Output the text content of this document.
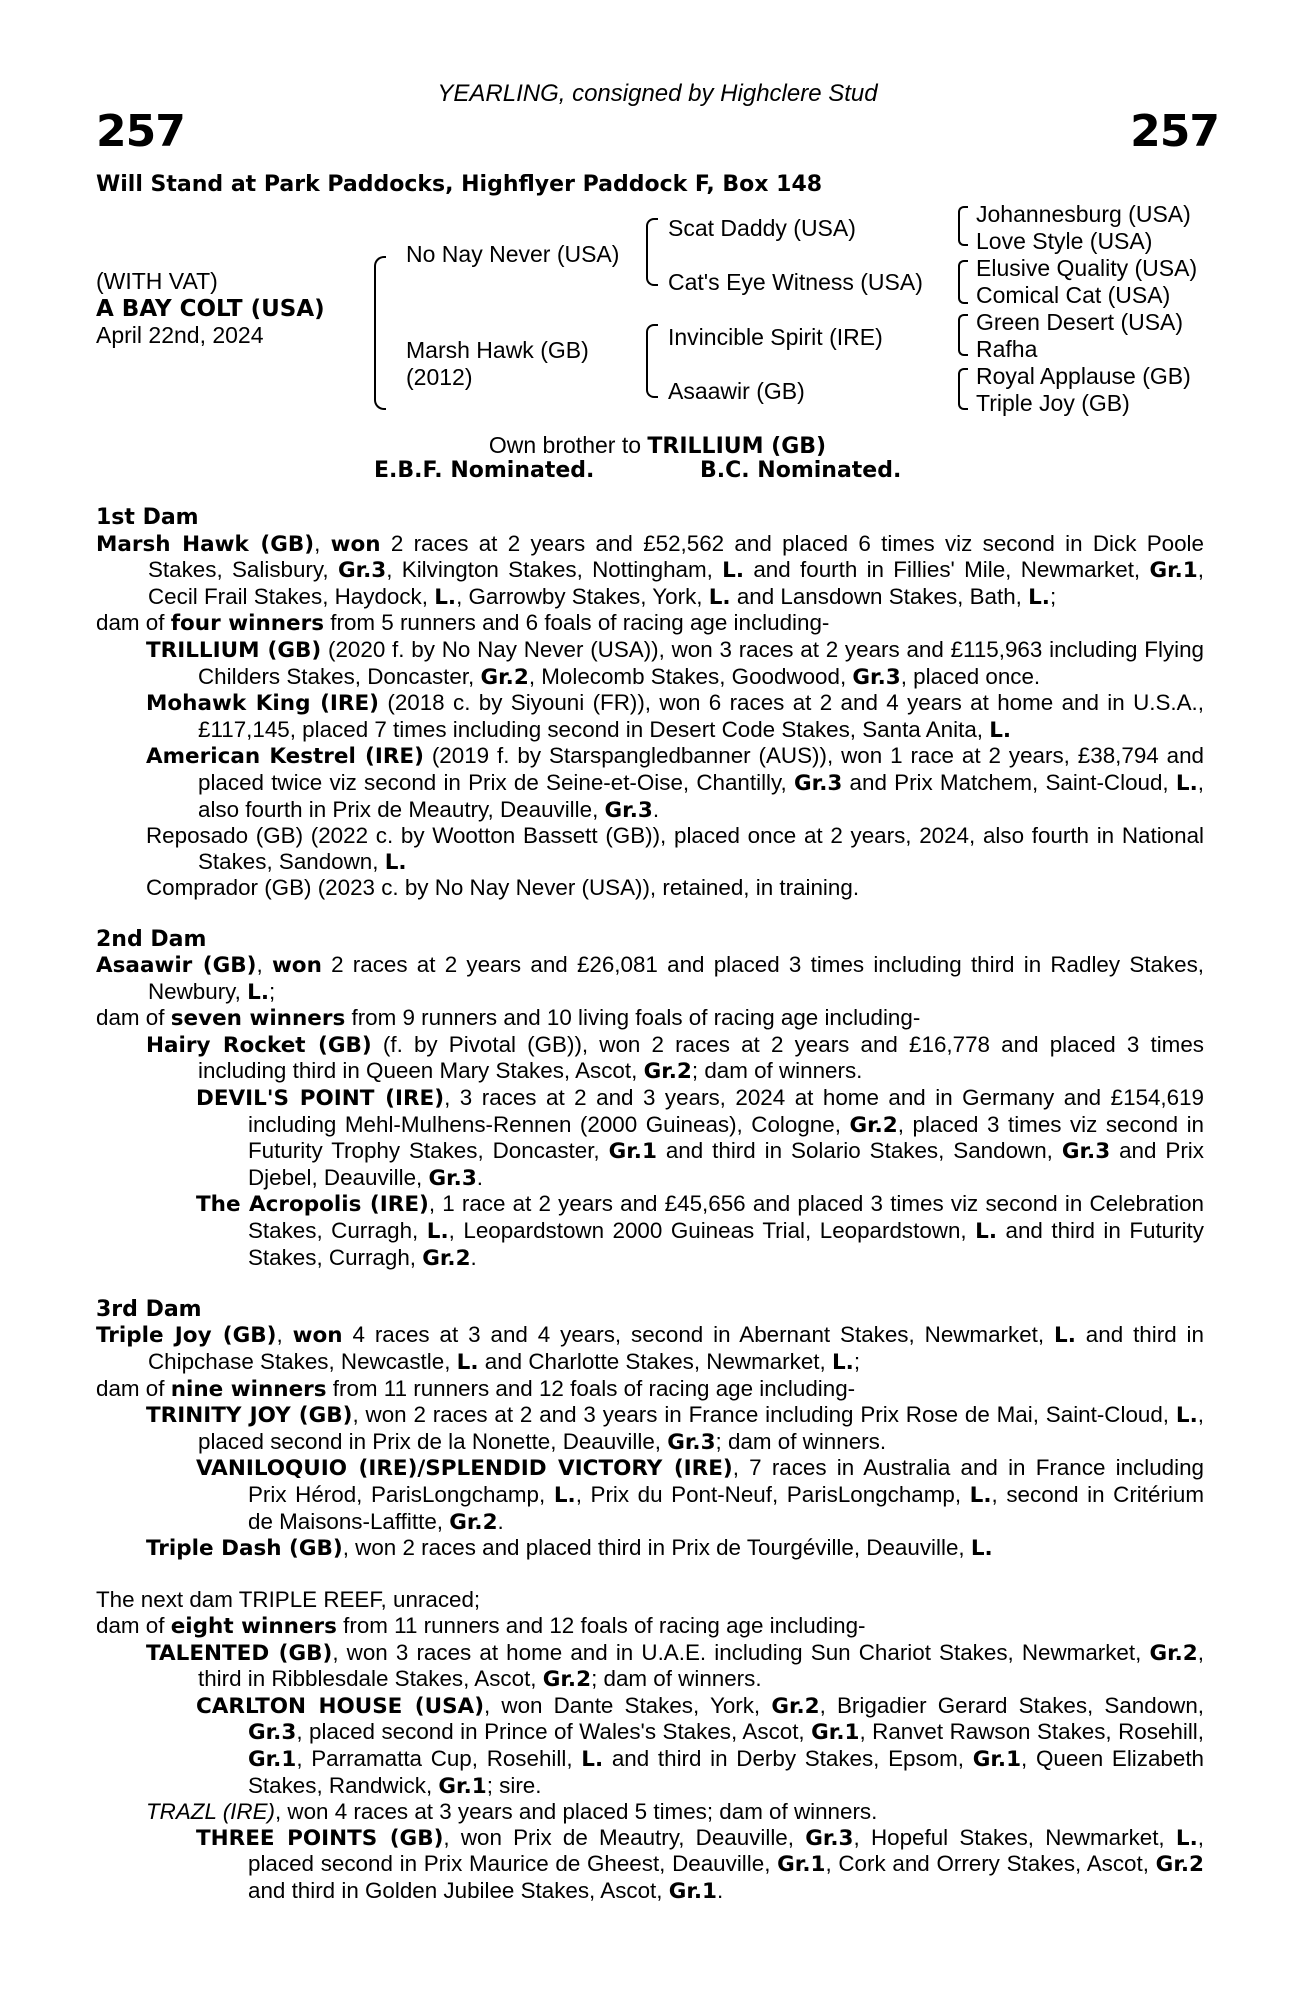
YEARLING, consigned by Highclere Stud
257	257
Will Stand at Park Paddocks, Highflyer Paddock F, Box 148
(WITH VAT)
A BAY COLT (USA)
April 22nd, 2024
No Nay Never (USA)
Marsh Hawk (GB)
(2012)
Scat Daddy (USA)
Cat's Eye Witness (USA)
Invincible Spirit (IRE)
Asaawir (GB)
Johannesburg (USA)
Love Style (USA)
Elusive Quality (USA)
Comical Cat (USA)
Green Desert (USA)
Rafha
Royal Applause (GB)
Triple Joy (GB)
Own brother to TRILLIUM (GB)
E.B.F. Nominated.	B.C. Nominated.

1st Dam

Marsh Hawk (GB), won 2 races at 2 years and £52,562 and placed 6 times viz second in Dick Poole Stakes, Salisbury, Gr.3, Kilvington Stakes, Nottingham, L. and fourth in Fillies' Mile, Newmarket, Gr.1, Cecil Frail Stakes, Haydock, L., Garrowby Stakes, York, L. and Lansdown Stakes, Bath, L.;

dam of four winners from 5 runners and 6 foals of racing age including-

TRILLIUM (GB) (2020 f. by No Nay Never (USA)), won 3 races at 2 years and £115,963 including Flying Childers Stakes, Doncaster, Gr.2, Molecomb Stakes, Goodwood, Gr.3, placed once.

Mohawk King (IRE) (2018 c. by Siyouni (FR)), won 6 races at 2 and 4 years at home and in U.S.A., £117,145, placed 7 times including second in Desert Code Stakes, Santa Anita, L.

American Kestrel (IRE) (2019 f. by Starspangledbanner (AUS)), won 1 race at 2 years, £38,794 and placed twice viz second in Prix de Seine-et-Oise, Chantilly, Gr.3 and Prix Matchem, Saint-Cloud, L., also fourth in Prix de Meautry, Deauville, Gr.3.

Reposado (GB) (2022 c. by Wootton Bassett (GB)), placed once at 2 years, 2024, also fourth in National Stakes, Sandown, L.

Comprador (GB) (2023 c. by No Nay Never (USA)), retained, in training.

2nd Dam

Asaawir (GB), won 2 races at 2 years and £26,081 and placed 3 times including third in Radley Stakes, Newbury, L.;

dam of seven winners from 9 runners and 10 living foals of racing age including-

Hairy Rocket (GB) (f. by Pivotal (GB)), won 2 races at 2 years and £16,778 and placed 3 times including third in Queen Mary Stakes, Ascot, Gr.2; dam of winners.

DEVIL'S POINT (IRE), 3 races at 2 and 3 years, 2024 at home and in Germany and £154,619 including Mehl-Mulhens-Rennen (2000 Guineas), Cologne, Gr.2, placed 3 times viz second in Futurity Trophy Stakes, Doncaster, Gr.1 and third in Solario Stakes, Sandown, Gr.3 and Prix Djebel, Deauville, Gr.3.

The Acropolis (IRE), 1 race at 2 years and £45,656 and placed 3 times viz second in Celebration Stakes, Curragh, L., Leopardstown 2000 Guineas Trial, Leopardstown, L. and third in Futurity Stakes, Curragh, Gr.2.

3rd Dam

Triple Joy (GB), won 4 races at 3 and 4 years, second in Abernant Stakes, Newmarket, L. and third in Chipchase Stakes, Newcastle, L. and Charlotte Stakes, Newmarket, L.;

dam of nine winners from 11 runners and 12 foals of racing age including-

TRINITY JOY (GB), won 2 races at 2 and 3 years in France including Prix Rose de Mai, Saint-Cloud, L., placed second in Prix de la Nonette, Deauville, Gr.3; dam of winners.

VANILOQUIO (IRE)/SPLENDID VICTORY (IRE), 7 races in Australia and in France including Prix Hérod, ParisLongchamp, L., Prix du Pont-Neuf, ParisLongchamp, L., second in Critérium de Maisons-Laffitte, Gr.2.

Triple Dash (GB), won 2 races and placed third in Prix de Tourgéville, Deauville, L.

The next dam TRIPLE REEF, unraced;

dam of eight winners from 11 runners and 12 foals of racing age including-

TALENTED (GB), won 3 races at home and in U.A.E. including Sun Chariot Stakes, Newmarket, Gr.2, third in Ribblesdale Stakes, Ascot, Gr.2; dam of winners.

CARLTON HOUSE (USA), won Dante Stakes, York, Gr.2, Brigadier Gerard Stakes, Sandown, Gr.3, placed second in Prince of Wales's Stakes, Ascot, Gr.1, Ranvet Rawson Stakes, Rosehill, Gr.1, Parramatta Cup, Rosehill, L. and third in Derby Stakes, Epsom, Gr.1, Queen Elizabeth Stakes, Randwick, Gr.1; sire.

TRAZL (IRE), won 4 races at 3 years and placed 5 times; dam of winners.

THREE POINTS (GB), won Prix de Meautry, Deauville, Gr.3, Hopeful Stakes, Newmarket, L., placed second in Prix Maurice de Gheest, Deauville, Gr.1, Cork and Orrery Stakes, Ascot, Gr.2 and third in Golden Jubilee Stakes, Ascot, Gr.1.
